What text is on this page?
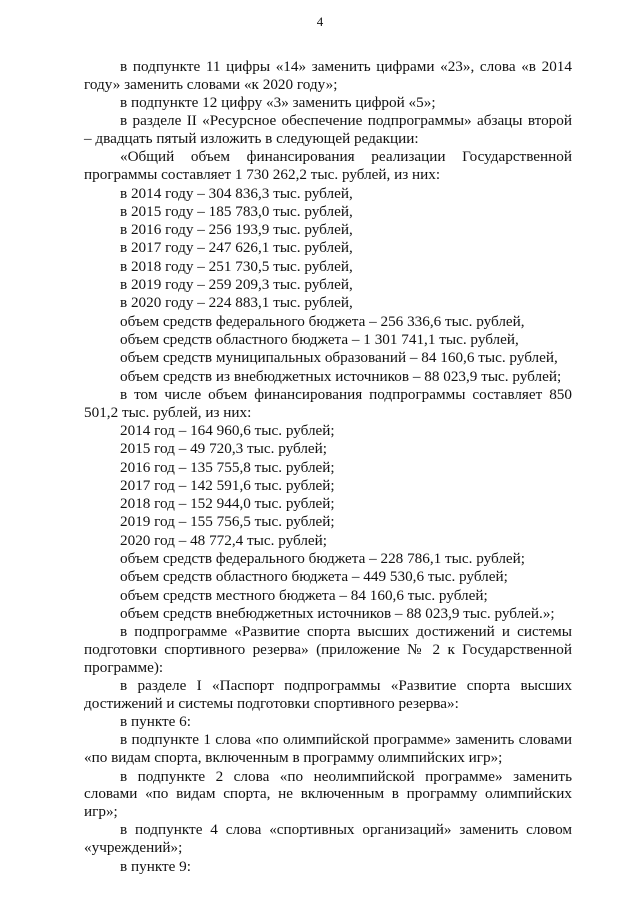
4

в подпункте 11 цифры «14» заменить цифрами «23», слова «в 2014 году» заменить словами «к 2020 году»;

в подпункте 12 цифру «3» заменить цифрой «5»;

в разделе II «Ресурсное обеспечение подпрограммы» абзацы второй – двадцать пятый изложить в следующей редакции:

«Общий объем финансирования реализации Государственной программы составляет 1 730 262,2 тыс. рублей, из них:

в 2014 году – 304 836,3 тыс. рублей,

в 2015 году – 185 783,0 тыс. рублей,

в 2016 году – 256 193,9 тыс. рублей,

в 2017 году – 247 626,1 тыс. рублей,

в 2018 году – 251 730,5 тыс. рублей,

в 2019 году – 259 209,3 тыс. рублей,

в 2020 году – 224 883,1 тыс. рублей,

объем средств федерального бюджета – 256 336,6 тыс. рублей,

объем средств областного бюджета – 1 301 741,1 тыс. рублей,

объем средств муниципальных образований – 84 160,6 тыс. рублей,

объем средств из внебюджетных источников – 88 023,9 тыс. рублей;

в том числе объем финансирования подпрограммы составляет 850 501,2 тыс. рублей, из них:

2014 год – 164 960,6 тыс. рублей;

2015 год – 49 720,3 тыс. рублей;

2016 год – 135 755,8 тыс. рублей;

2017 год – 142 591,6 тыс. рублей;

2018 год – 152 944,0 тыс. рублей;

2019 год – 155 756,5 тыс. рублей;

2020 год – 48 772,4 тыс. рублей;

объем средств федерального бюджета – 228 786,1 тыс. рублей;

объем средств областного бюджета – 449 530,6 тыс. рублей;

объем средств местного бюджета – 84 160,6 тыс. рублей;

объем средств внебюджетных источников – 88 023,9 тыс. рублей.»;

в подпрограмме «Развитие спорта высших достижений и системы подготовки спортивного резерва» (приложение № 2 к Государственной программе):

в разделе I «Паспорт подпрограммы «Развитие спорта высших достижений и системы подготовки спортивного резерва»:

в пункте 6:

в подпункте 1 слова «по олимпийской программе» заменить словами «по видам спорта, включенным в программу олимпийских игр»;

в подпункте 2 слова «по неолимпийской программе» заменить словами «по видам спорта, не включенным в программу олимпийских игр»;

в подпункте 4 слова «спортивных организаций» заменить словом «учреждений»;

в пункте 9:
